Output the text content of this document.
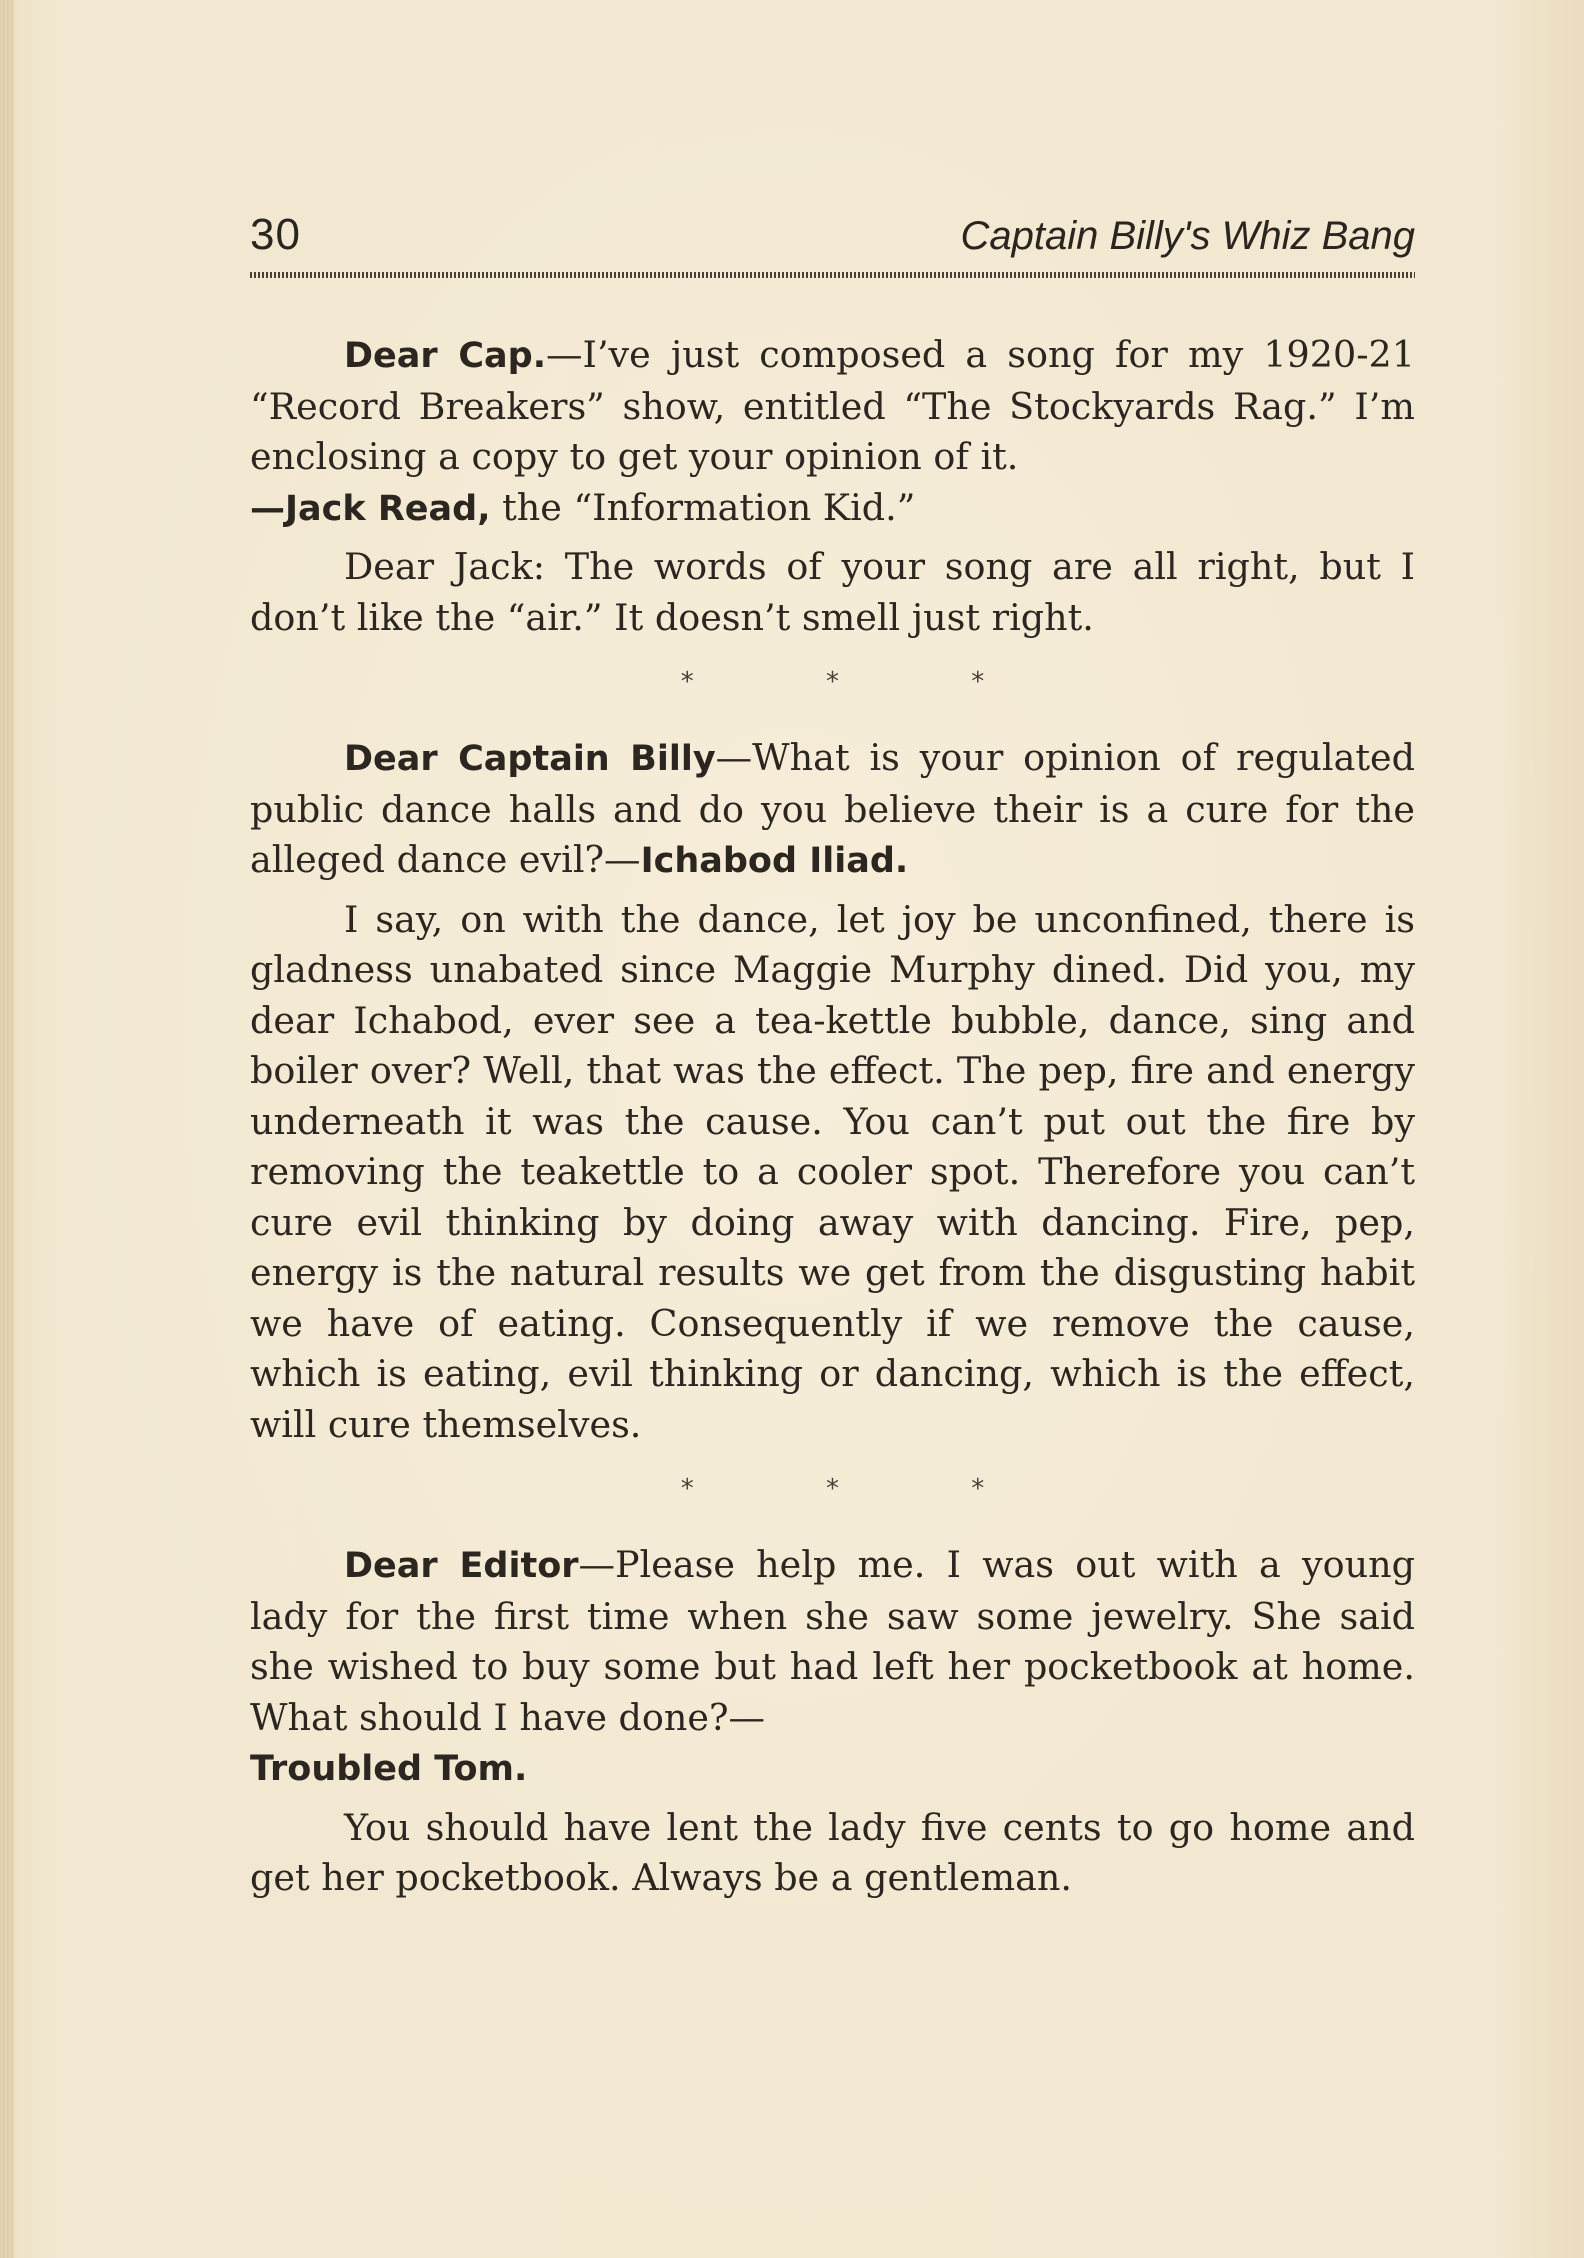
30	Captain Billy's Whiz Bang

Dear Cap.—I’ve just composed a song for my 1920-21 “Record Breakers” show, entitled “The Stockyards Rag.” I’m enclosing a copy to get your opinion of it.
—Jack Read, the “Information Kid.”

Dear Jack: The words of your song are all right, but I don’t like the “air.” It doesn’t smell just right.

* * *

Dear Captain Billy—What is your opinion of regulated public dance halls and do you believe their is a cure for the alleged dance evil?—Ichabod Iliad.

I say, on with the dance, let joy be unconfined, there is gladness unabated since Maggie Murphy dined. Did you, my dear Ichabod, ever see a tea-kettle bubble, dance, sing and boiler over? Well, that was the effect. The pep, fire and energy underneath it was the cause. You can’t put out the fire by removing the teakettle to a cooler spot. Therefore you can’t cure evil thinking by doing away with dancing. Fire, pep, energy is the natural results we get from the disgusting habit we have of eating. Consequently if we remove the cause, which is eating, evil thinking or dancing, which is the effect, will cure themselves.

* * *

Dear Editor—Please help me. I was out with a young lady for the first time when she saw some jewelry. She said she wished to buy some but had left her pocketbook at home. What should I have done?—
Troubled Tom.

You should have lent the lady five cents to go home and get her pocketbook. Always be a gentleman.
